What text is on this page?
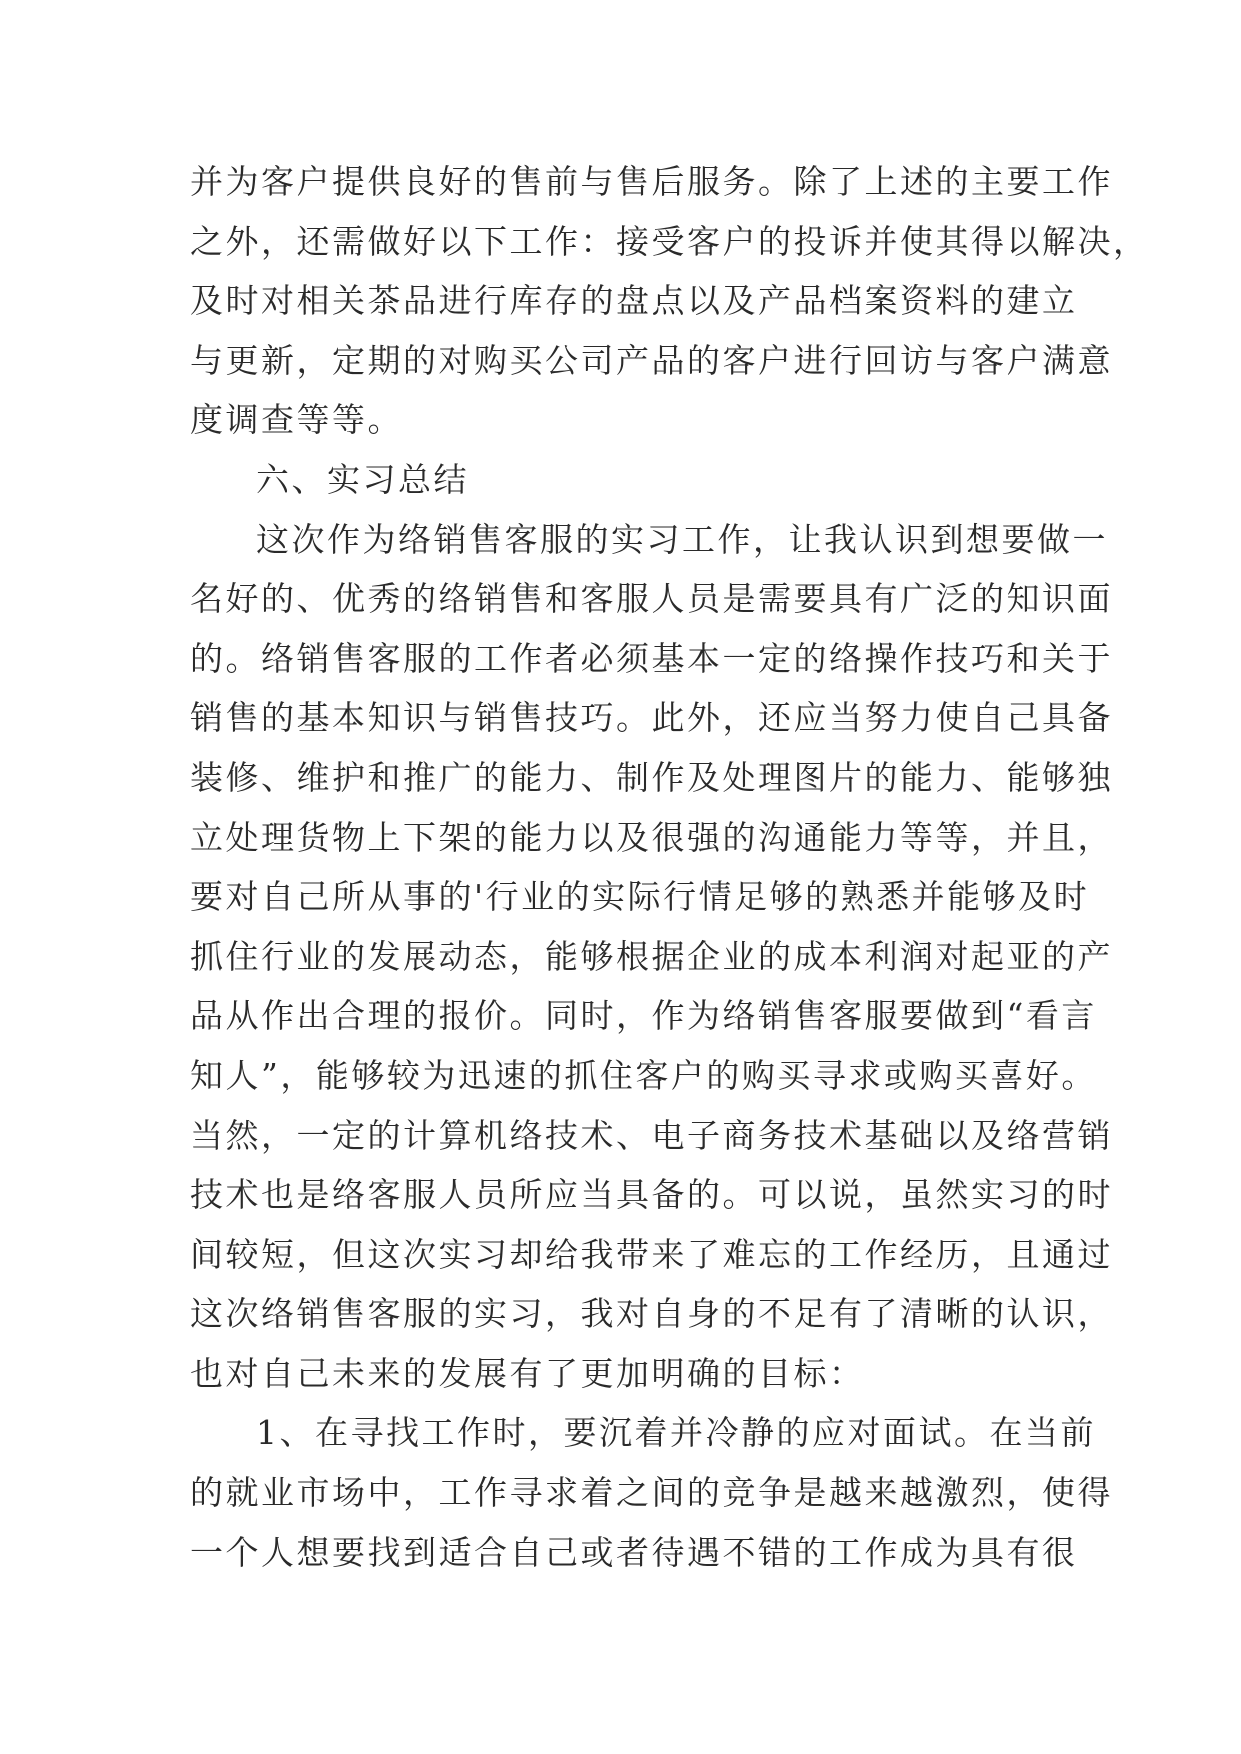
并为客户提供良好的售前与售后服务。除了上述的主要工作
之外，还需做好以下工作：接受客户的投诉并使其得以解决，
及时对相关茶品进行库存的盘点以及产品档案资料的建立
与更新，定期的对购买公司产品的客户进行回访与客户满意
度调查等等。
六、实习总结
这次作为络销售客服的实习工作，让我认识到想要做一
名好的、优秀的络销售和客服人员是需要具有广泛的知识面
的。络销售客服的工作者必须基本一定的络操作技巧和关于
销售的基本知识与销售技巧。此外，还应当努力使自己具备
装修、维护和推广的能力、制作及处理图片的能力、能够独
立处理货物上下架的能力以及很强的沟通能力等等，并且，
要对自己所从事的'行业的实际行情足够的熟悉并能够及时
抓住行业的发展动态，能够根据企业的成本利润对起亚的产
品从作出合理的报价。同时，作为络销售客服要做到“看言
知人”，能够较为迅速的抓住客户的购买寻求或购买喜好。
当然，一定的计算机络技术、电子商务技术基础以及络营销
技术也是络客服人员所应当具备的。可以说，虽然实习的时
间较短，但这次实习却给我带来了难忘的工作经历，且通过
这次络销售客服的实习，我对自身的不足有了清晰的认识，
也对自己未来的发展有了更加明确的目标：
1、在寻找工作时，要沉着并冷静的应对面试。在当前
的就业市场中，工作寻求着之间的竞争是越来越激烈，使得
一个人想要找到适合自己或者待遇不错的工作成为具有很
